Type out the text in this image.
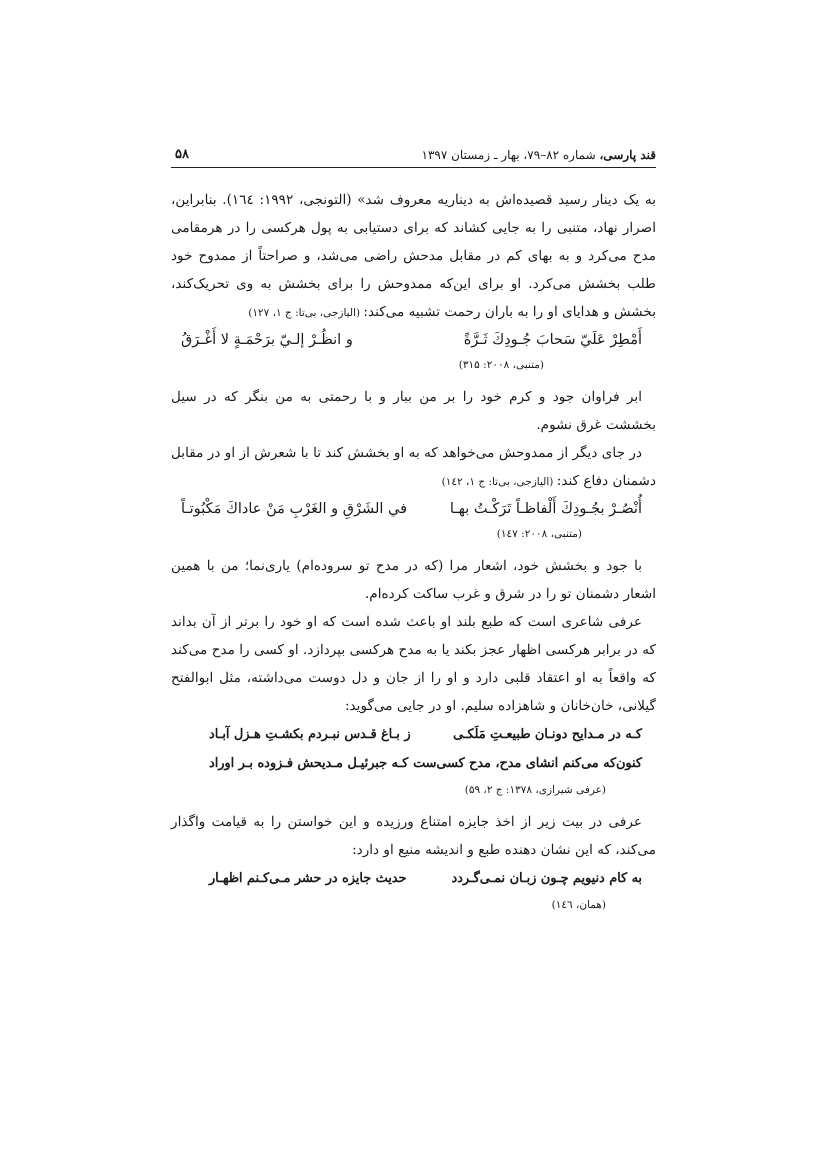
قند پارسی، شماره ۸۲–۷۹، بهار ـ زمستان ۱۳۹۷
۵۸

به یک دینار رسید قصیده‌اش به دیناریه معروف شد» (التونجی، ۱۹۹۲: ١٦٤). بنابراین، اصرار نهاد، متنبی را به جایی کشاند که برای دستیابی به پول هرکسی را در هرمقامی مدح می‌کرد و به بهای کم در مقابل مدحش راضی می‌شد، و صراحتاً از ممدوح خود طلب بخشش می‌کرد. او برای این‌که ممدوحش را برای بخشش به وی تحریک‌کند، بخشش و هدایای او را به باران رحمت تشبیه می‌کند: (الیازجی، بی‌تا: ج ۱، ١٢٧)

أَمْطِرْ عَلَيّ سَحابَ جُـودِكَ ثَـرَّةً
و انظُـرْ إلـيّ برَحْمَـةٍ لا أَغْـرَقُ
(متنبی، ۲۰۰۸: ۳۱۵)

ابر فراوان جود و کرم خود را بر من ببار و با رحمتی به من بنگر که در سیل بخششت غرق نشوم.

در جای دیگر از ممدوحش می‌خواهد که به او بخشش کند تا با شعرش از او در مقابل دشمنان دفاع کند: (الیازجی، بی‌تا: ج ۱، ١٤٢)

أُنْصُـرْ بجُـودِكَ أَلْفاظـاً تَرَكْـتُ بهـا
في الشَرْقِ و الغَرْبِ مَنْ عاداكَ مَكْبُوتـاً
(متنبی، ۲۰۰۸: ١٤٧)

با جود و بخشش خود، اشعار مرا (که در مدح تو سروده‌ام) یاری‌نما؛ من با همین اشعار دشمنان تو را در شرق و غرب ساکت کرده‌ام.

عرفی شاعری است که طبع بلند او باعث شده است که او خود را برتر از آن بداند که در برابر هرکسی اظهار عجز بکند یا به مدح هرکسی بپردازد. او کسی را مدح می‌کند که واقعاً به او اعتقاد قلبی دارد و او را از جان و دل دوست می‌داشته، مثل ابوالفتح گیلانی، خان‌خانان و شاهزاده سلیم. او در جایی می‌گوید:

کـه در مـدایح دونـان طبیعـتِ مَلَکـی
ز بـاغ قـدس نبـردم بکشـتِ هـزل آبـاد
کنون‌که می‌کنم انشای مدح، مدح کسی‌ست
کـه جبرئیـل مـدیحش فـزوده بـر اوراد
(عرفی شیرازی، ۱۳۷۸: ج ۲، ۵۹)

عرفی در بیت زیر از اخذ جایزه امتناع ورزیده و این خواستن را به قیامت واگذار می‌کند، که این نشان دهنده طبع و اندیشه منیع او دارد:

به کام دنیویم چـون زبـان نمـی‌گـردد
حدیث جایزه در حشر مـی‌کـنم اظهـار
(همان، ١٤٦)
